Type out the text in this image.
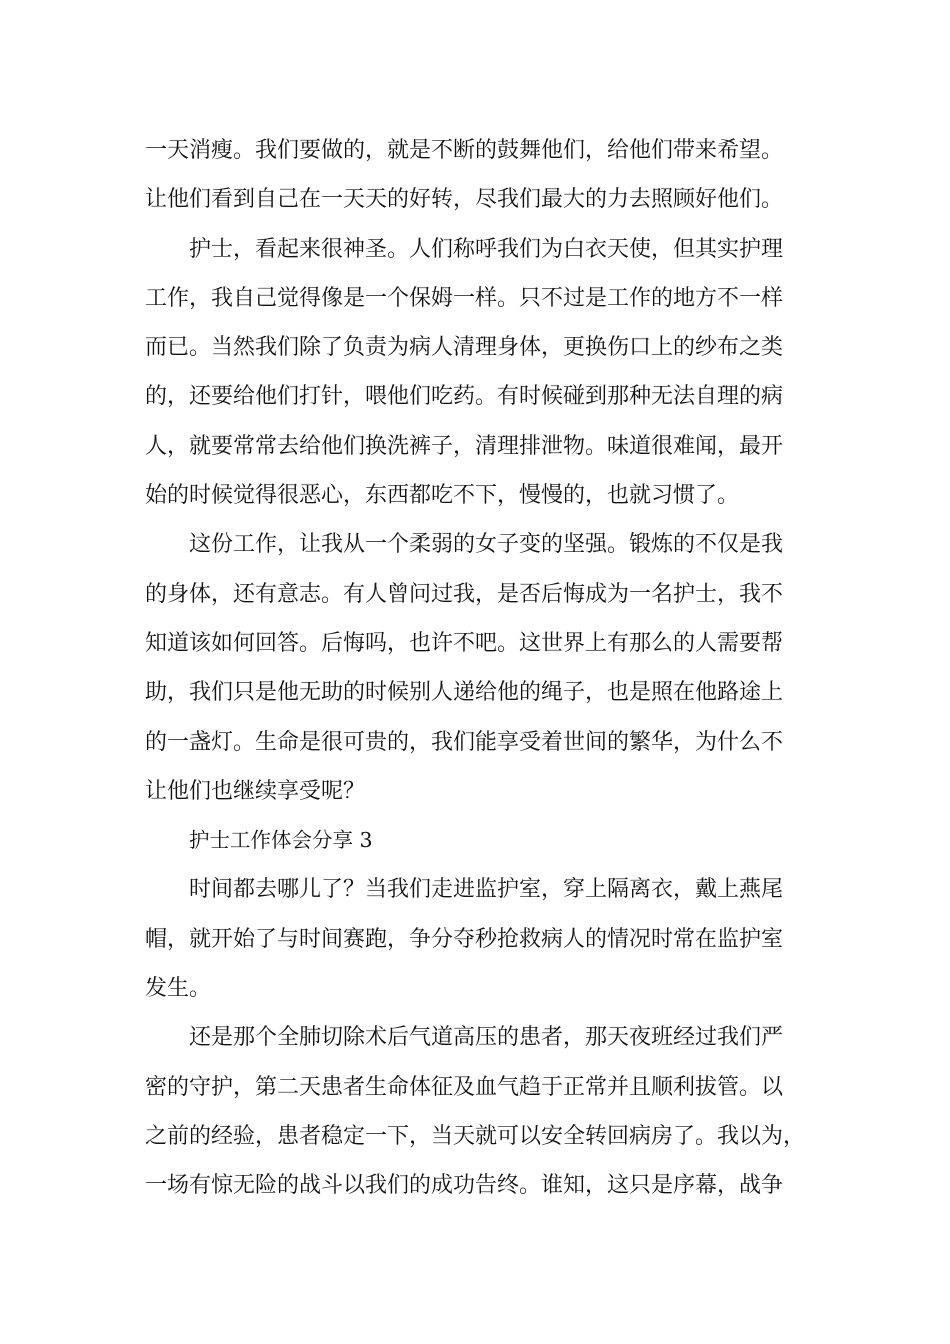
一天消瘦。我们要做的，就是不断的鼓舞他们，给他们带来希望。
让他们看到自己在一天天的好转，尽我们最大的力去照顾好他们。
护士，看起来很神圣。人们称呼我们为白衣天使，但其实护理
工作，我自己觉得像是一个保姆一样。只不过是工作的地方不一样
而已。当然我们除了负责为病人清理身体，更换伤口上的纱布之类
的，还要给他们打针，喂他们吃药。有时候碰到那种无法自理的病
人，就要常常去给他们换洗裤子，清理排泄物。味道很难闻，最开
始的时候觉得很恶心，东西都吃不下，慢慢的，也就习惯了。
这份工作，让我从一个柔弱的女子变的坚强。锻炼的不仅是我
的身体，还有意志。有人曾问过我，是否后悔成为一名护士，我不
知道该如何回答。后悔吗，也许不吧。这世界上有那么的人需要帮
助，我们只是他无助的时候别人递给他的绳子，也是照在他路途上
的一盏灯。生命是很可贵的，我们能享受着世间的繁华，为什么不
让他们也继续享受呢？
护士工作体会分享 3
时间都去哪儿了？当我们走进监护室，穿上隔离衣，戴上燕尾
帽，就开始了与时间赛跑，争分夺秒抢救病人的情况时常在监护室
发生。
还是那个全肺切除术后气道高压的患者，那天夜班经过我们严
密的守护，第二天患者生命体征及血气趋于正常并且顺利拔管。以
之前的经验，患者稳定一下，当天就可以安全转回病房了。我以为，
一场有惊无险的战斗以我们的成功告终。谁知，这只是序幕，战争
